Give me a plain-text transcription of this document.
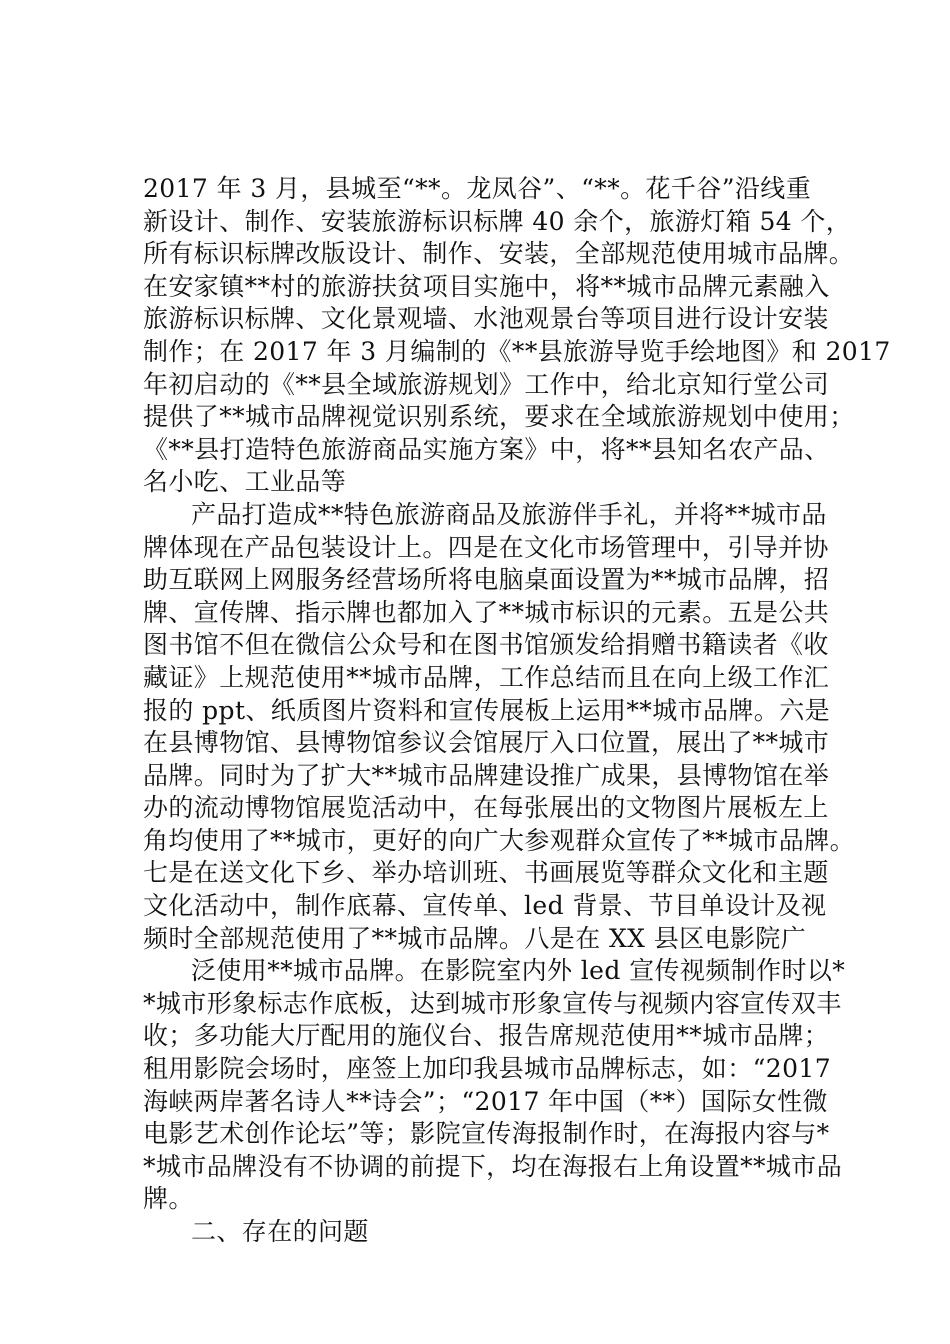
2017 年 3 月，县城至“**。龙凤谷”、“**。花千谷”沿线重
新设计、制作、安装旅游标识标牌 40 余个，旅游灯箱 54 个，
所有标识标牌改版设计、制作、安装，全部规范使用城市品牌。
在安家镇**村的旅游扶贫项目实施中，将**城市品牌元素融入
旅游标识标牌、文化景观墙、水池观景台等项目进行设计安装
制作；在 2017 年 3 月编制的《**县旅游导览手绘地图》和 2017
年初启动的《**县全域旅游规划》工作中，给北京知行堂公司
提供了**城市品牌视觉识别系统，要求在全域旅游规划中使用；
《**县打造特色旅游商品实施方案》中，将**县知名农产品、
名小吃、工业品等
产品打造成**特色旅游商品及旅游伴手礼，并将**城市品
牌体现在产品包装设计上。四是在文化市场管理中，引导并协
助互联网上网服务经营场所将电脑桌面设置为**城市品牌，招
牌、宣传牌、指示牌也都加入了**城市标识的元素。五是公共
图书馆不但在微信公众号和在图书馆颁发给捐赠书籍读者《收
藏证》上规范使用**城市品牌，工作总结而且在向上级工作汇
报的 ppt、纸质图片资料和宣传展板上运用**城市品牌。六是
在县博物馆、县博物馆参议会馆展厅入口位置，展出了**城市
品牌。同时为了扩大**城市品牌建设推广成果，县博物馆在举
办的流动博物馆展览活动中，在每张展出的文物图片展板左上
角均使用了**城市，更好的向广大参观群众宣传了**城市品牌。
七是在送文化下乡、举办培训班、书画展览等群众文化和主题
文化活动中，制作底幕、宣传单、led 背景、节目单设计及视
频时全部规范使用了**城市品牌。八是在 XX 县区电影院广
泛使用**城市品牌。在影院室内外 led 宣传视频制作时以*
*城市形象标志作底板，达到城市形象宣传与视频内容宣传双丰
收；多功能大厅配用的施仪台、报告席规范使用**城市品牌；
租用影院会场时，座签上加印我县城市品牌标志，如：“2017
海峡两岸著名诗人**诗会”；“2017 年中国（**）国际女性微
电影艺术创作论坛”等；影院宣传海报制作时，在海报内容与*
*城市品牌没有不协调的前提下，均在海报右上角设置**城市品
牌。
二、存在的问题
